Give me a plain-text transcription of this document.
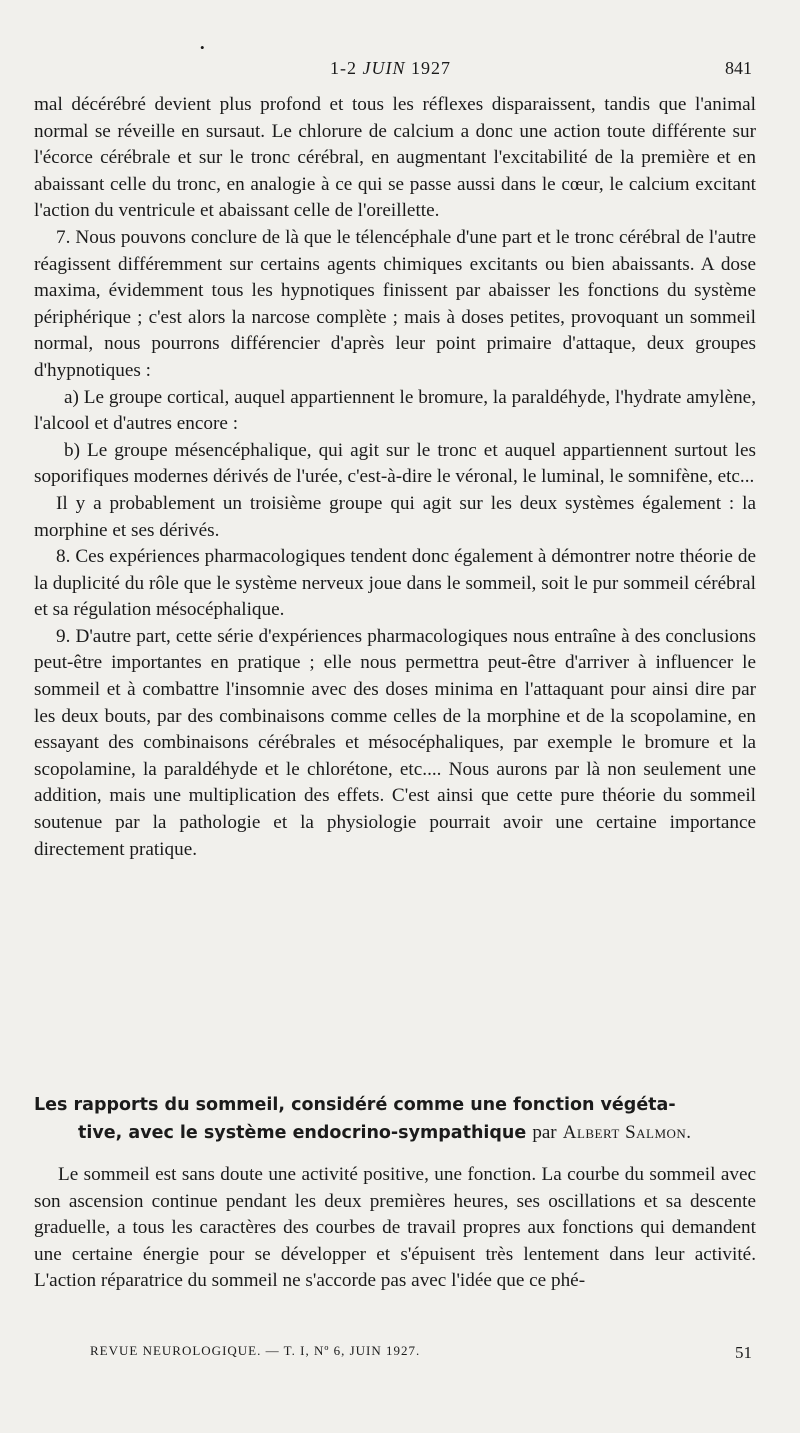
•
1-2 JUIN 1927	841

mal décérébré devient plus profond et tous les réflexes disparaissent, tandis que l'animal normal se réveille en sursaut. Le chlorure de calcium a donc une action toute différente sur l'écorce cérébrale et sur le tronc cérébral, en augmentant l'excitabilité de la première et en abaissant celle du tronc, en analogie à ce qui se passe aussi dans le cœur, le calcium excitant l'action du ventricule et abaissant celle de l'oreillette.

7. Nous pouvons conclure de là que le télencéphale d'une part et le tronc cérébral de l'autre réagissent différemment sur certains agents chimiques excitants ou bien abaissants. A dose maxima, évidemment tous les hypnotiques finissent par abaisser les fonctions du système périphérique ; c'est alors la narcose complète ; mais à doses petites, provoquant un sommeil normal, nous pourrons différencier d'après leur point primaire d'attaque, deux groupes d'hypnotiques :

a) Le groupe cortical, auquel appartiennent le bromure, la paraldéhyde, l'hydrate amylène, l'alcool et d'autres encore :

b) Le groupe mésencéphalique, qui agit sur le tronc et auquel appartiennent surtout les soporifiques modernes dérivés de l'urée, c'est-à-dire le véronal, le luminal, le somnifène, etc...

Il y a probablement un troisième groupe qui agit sur les deux systèmes également : la morphine et ses dérivés.

8. Ces expériences pharmacologiques tendent donc également à démontrer notre théorie de la duplicité du rôle que le système nerveux joue dans le sommeil, soit le pur sommeil cérébral et sa régulation mésocéphalique.

9. D'autre part, cette série d'expériences pharmacologiques nous entraîne à des conclusions peut-être importantes en pratique ; elle nous permettra peut-être d'arriver à influencer le sommeil et à combattre l'insomnie avec des doses minima en l'attaquant pour ainsi dire par les deux bouts, par des combinaisons comme celles de la morphine et de la scopolamine, en essayant des combinaisons cérébrales et mésocéphaliques, par exemple le bromure et la scopolamine, la paraldéhyde et le chlorétone, etc.... Nous aurons par là non seulement une addition, mais une multiplication des effets. C'est ainsi que cette pure théorie du sommeil soutenue par la pathologie et la physiologie pourrait avoir une certaine importance directement pratique.

Les rapports du sommeil, considéré comme une fonction végéta-
tive, avec le système endocrino-sympathique par Albert Salmon.

Le sommeil est sans doute une activité positive, une fonction. La courbe du sommeil avec son ascension continue pendant les deux premières heures, ses oscillations et sa descente graduelle, a tous les caractères des courbes de travail propres aux fonctions qui demandent une certaine énergie pour se développer et s'épuisent très lentement dans leur activité. L'action réparatrice du sommeil ne s'accorde pas avec l'idée que ce phé-

REVUE NEUROLOGIQUE. — T. I, Nº 6, JUIN 1927.	51
